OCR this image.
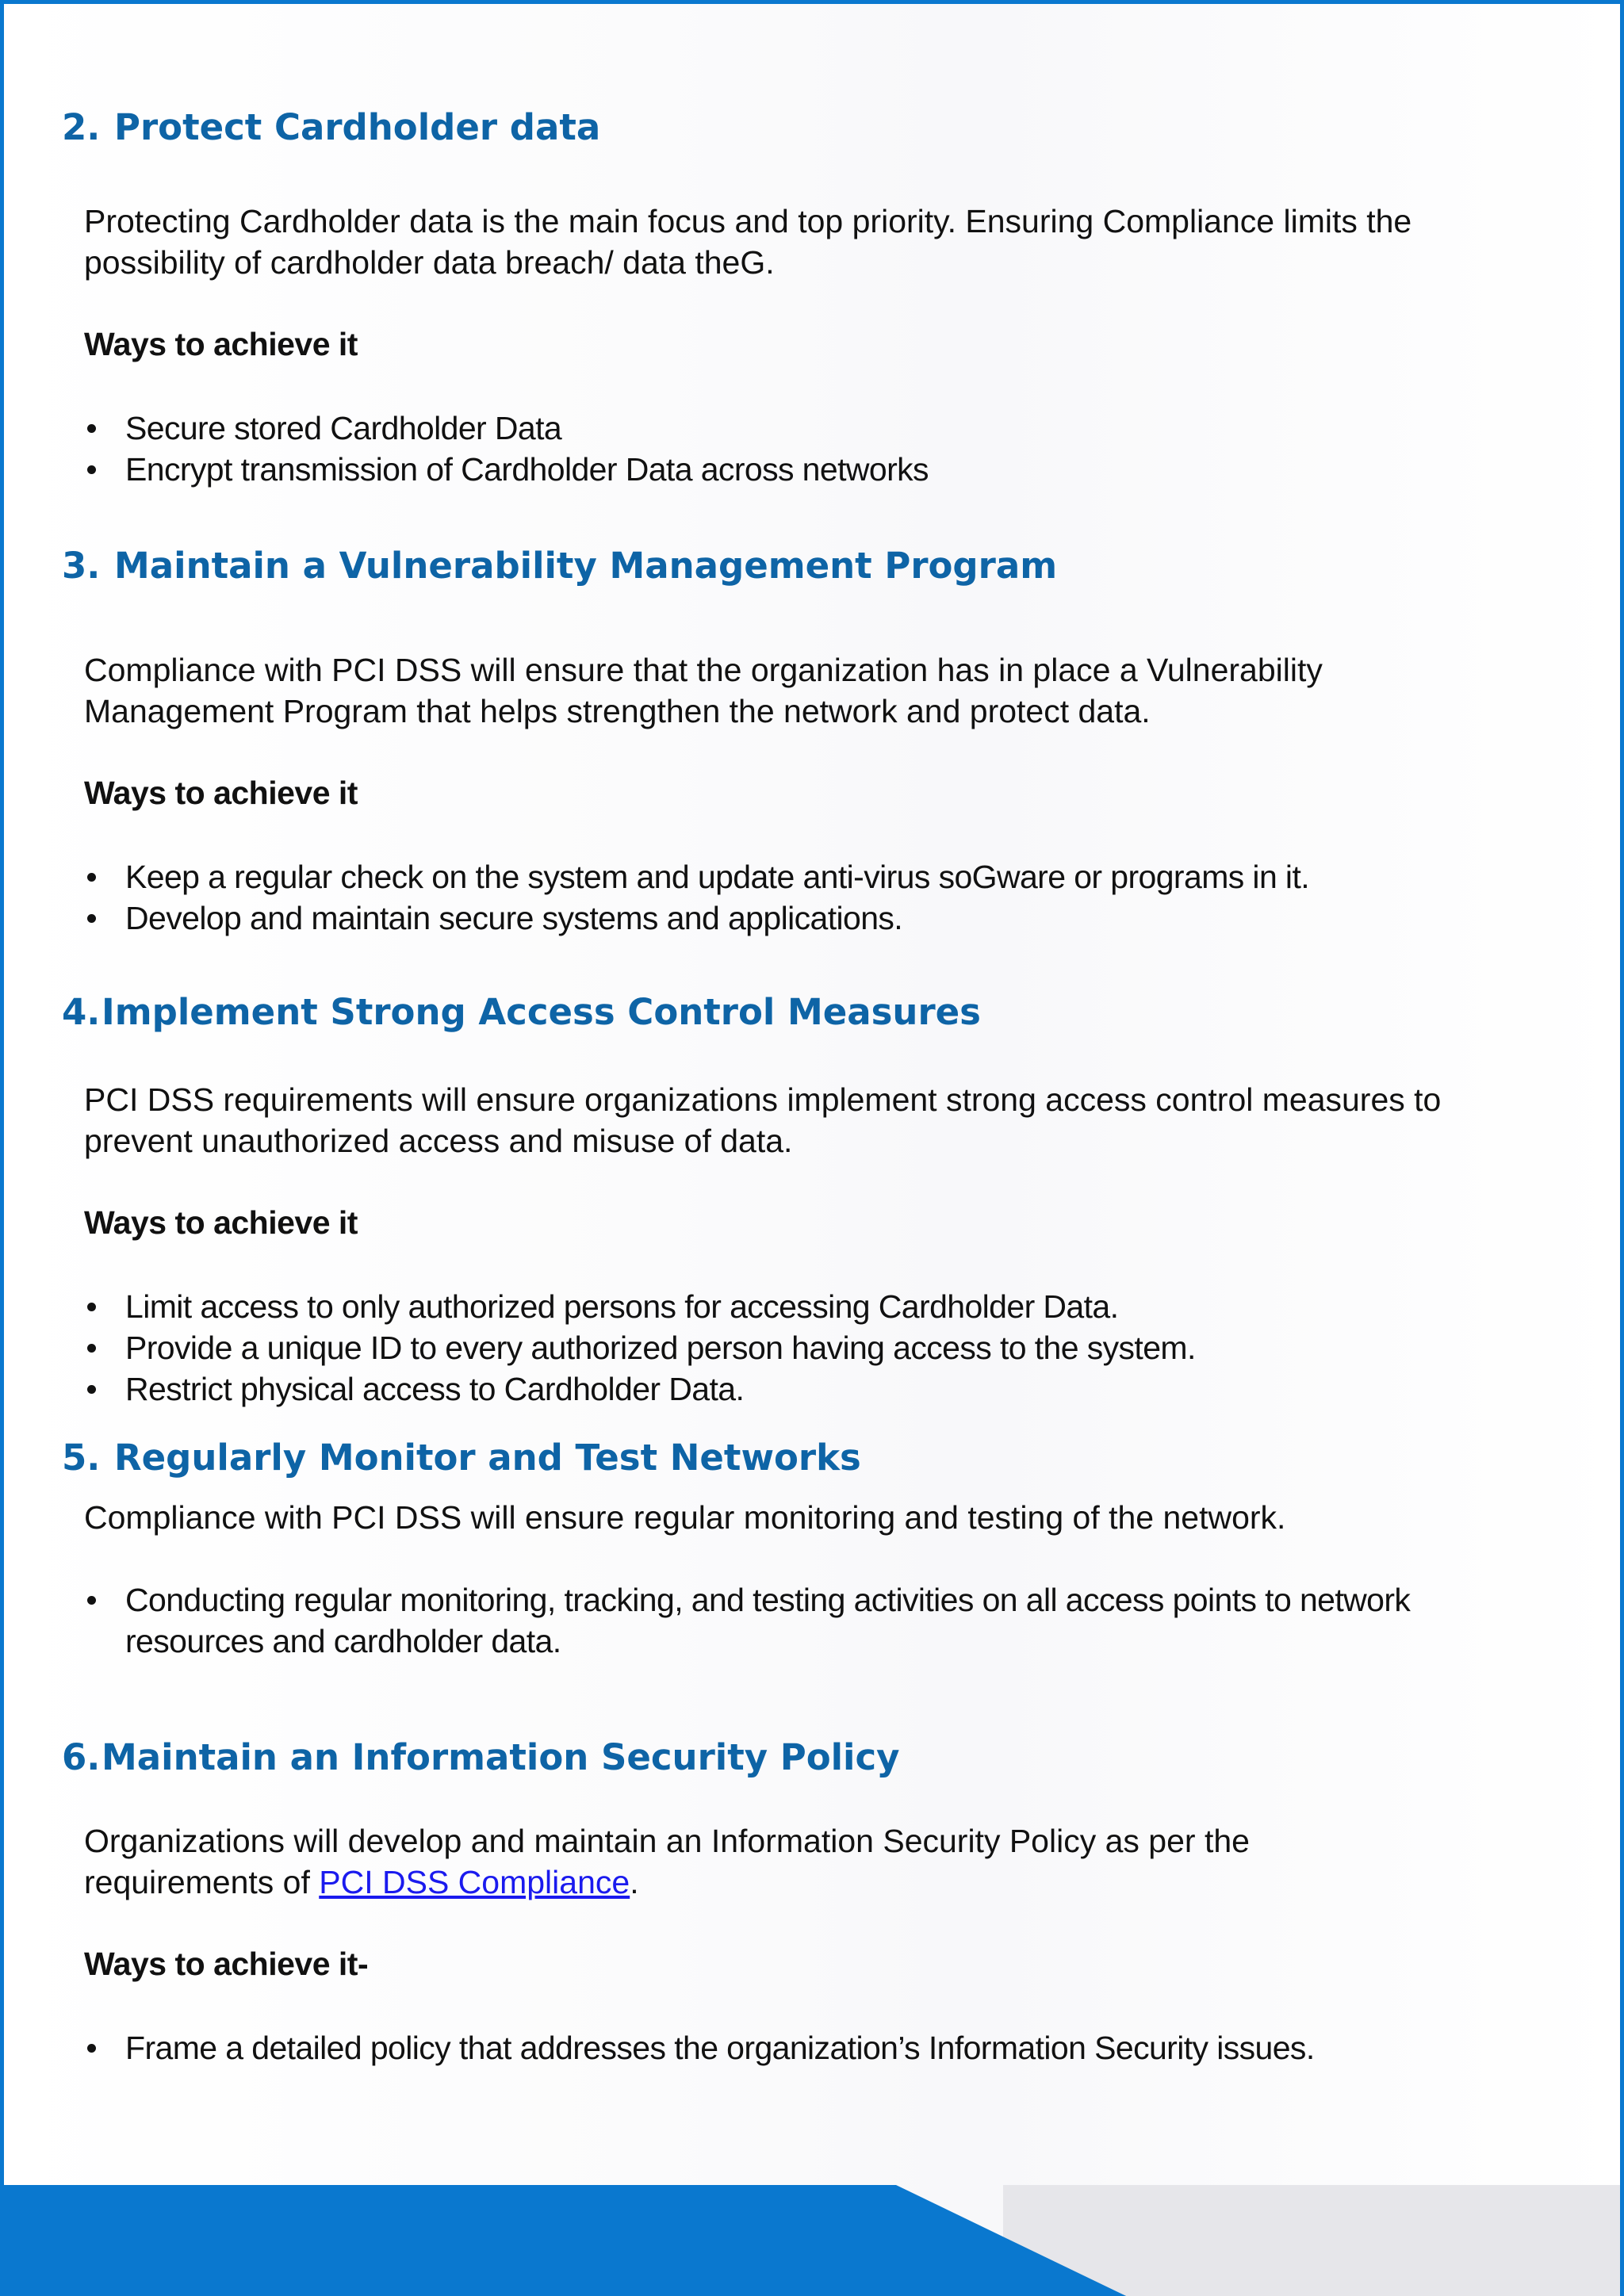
2. Protect Cardholder data

Protecting Cardholder data is the main focus and top priority. Ensuring Compliance limits the
possibility of cardholder data breach/ data theG.

Ways to achieve it

Secure stored Cardholder Data
Encrypt transmission of Cardholder Data across networks
3. Maintain a Vulnerability Management Program

Compliance with PCI DSS will ensure that the organization has in place a Vulnerability
Management Program that helps strengthen the network and protect data.

Ways to achieve it

Keep a regular check on the system and update anti-virus soGware or programs in it.
Develop and maintain secure systems and applications.
4.Implement Strong Access Control Measures

PCI DSS requirements will ensure organizations implement strong access control measures to
prevent unauthorized access and misuse of data.

Ways to achieve it

Limit access to only authorized persons for accessing Cardholder Data.
Provide a unique ID to every authorized person having access to the system.
Restrict physical access to Cardholder Data.
5. Regularly Monitor and Test Networks

Compliance with PCI DSS will ensure regular monitoring and testing of the network.

Conducting regular monitoring, tracking, and testing activities on all access points to network
resources and cardholder data.
6.Maintain an Information Security Policy

Organizations will develop and maintain an Information Security Policy as per the
requirements of PCI DSS Compliance.

Ways to achieve it-

Frame a detailed policy that addresses the organization’s Information Security issues.
